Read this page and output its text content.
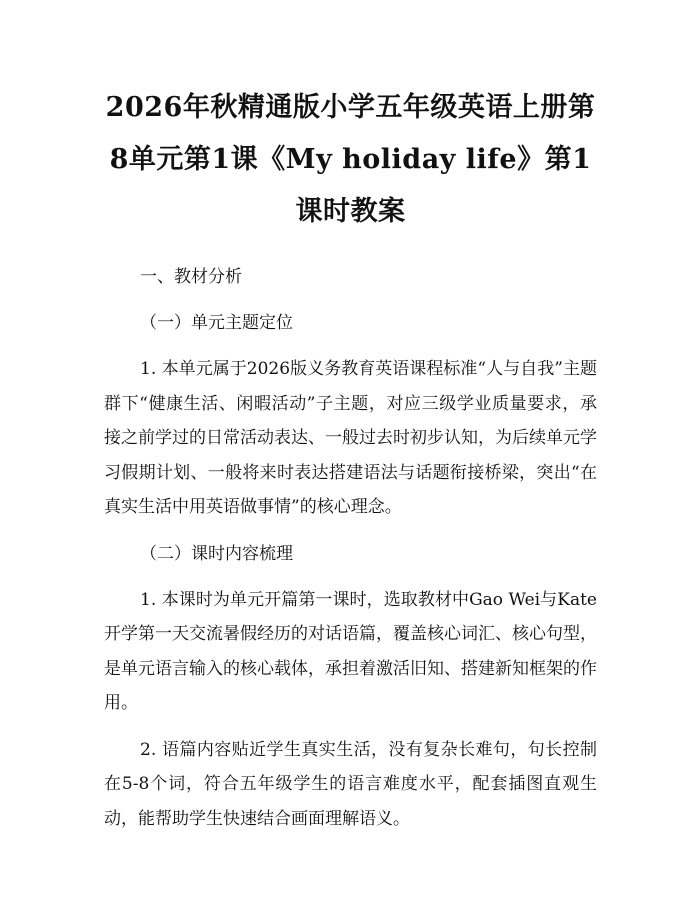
2026年秋精通版小学五年级英语上册第8单元第1课《My holiday life》第1课时教案

一、教材分析

（一）单元主题定位

1. 本单元属于2026版义务教育英语课程标准“人与自我”主题群下“健康生活、闲暇活动”子主题，对应三级学业质量要求，承接之前学过的日常活动表达、一般过去时初步认知，为后续单元学习假期计划、一般将来时表达搭建语法与话题衔接桥梁，突出“在真实生活中用英语做事情”的核心理念。

（二）课时内容梳理

1. 本课时为单元开篇第一课时，选取教材中Gao Wei与Kate开学第一天交流暑假经历的对话语篇，覆盖核心词汇、核心句型，是单元语言输入的核心载体，承担着激活旧知、搭建新知框架的作用。

2. 语篇内容贴近学生真实生活，没有复杂长难句，句长控制在5-8个词，符合五年级学生的语言难度水平，配套插图直观生动，能帮助学生快速结合画面理解语义。
